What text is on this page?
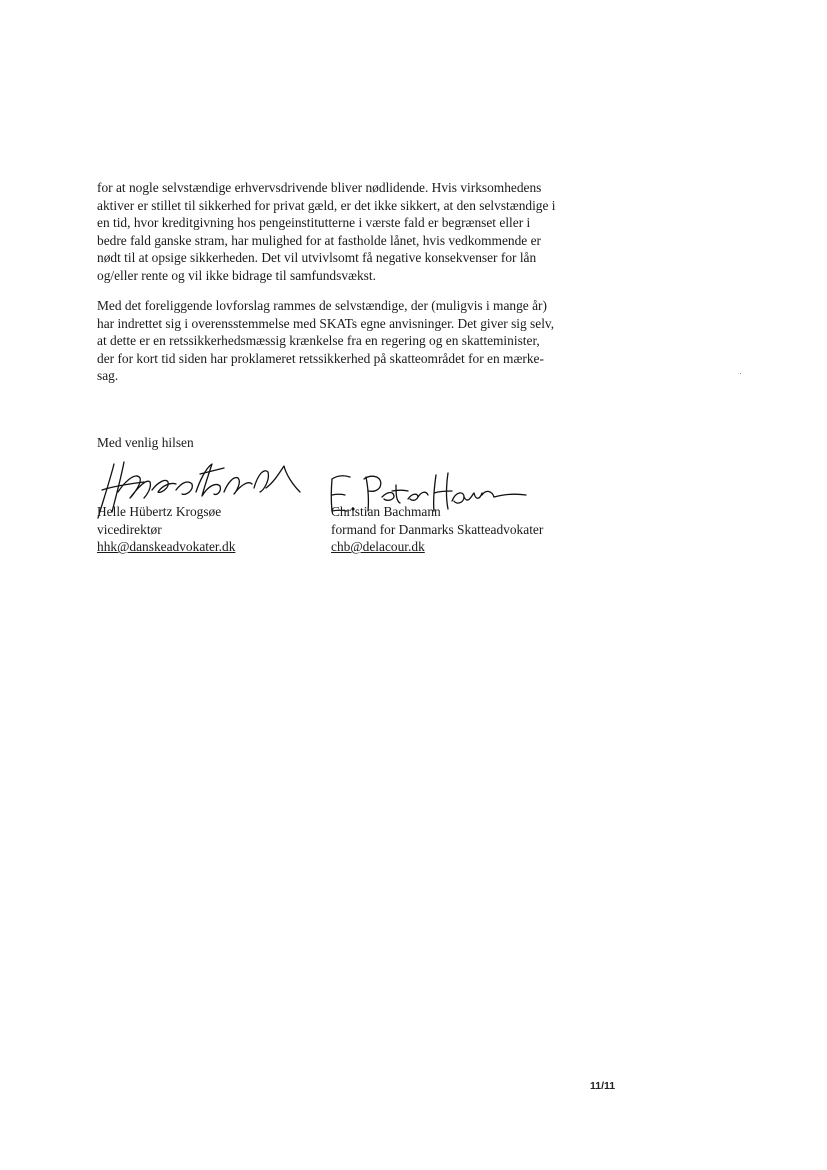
for at nogle selvstændige erhvervsdrivende bliver nødlidende. Hvis virksomhedens
aktiver er stillet til sikkerhed for privat gæld, er det ikke sikkert, at den selvstændige i
en tid, hvor kreditgivning hos pengeinstitutterne i værste fald er begrænset eller i
bedre fald ganske stram, har mulighed for at fastholde lånet, hvis vedkommende er
nødt til at opsige sikkerheden. Det vil utvivlsomt få negative konsekvenser for lån
og/eller rente og vil ikke bidrage til samfundsvækst.

Med det foreliggende lovforslag rammes de selvstændige, der (muligvis i mange år)
har indrettet sig i overensstemmelse med SKATs egne anvisninger. Det giver sig selv,
at dette er en retssikkerhedsmæssig krænkelse fra en regering og en skatteminister,
der for kort tid siden har proklameret retssikkerhed på skatteområdet for en mærke-
sag.

Med venlig hilsen

Helle Hübertz Krogsøe
vicedirektør
hhk@danskeadvokater.dk
Christian Bachmann
formand for Danmarks Skatteadvokater
chb@delacour.dk
11/11
